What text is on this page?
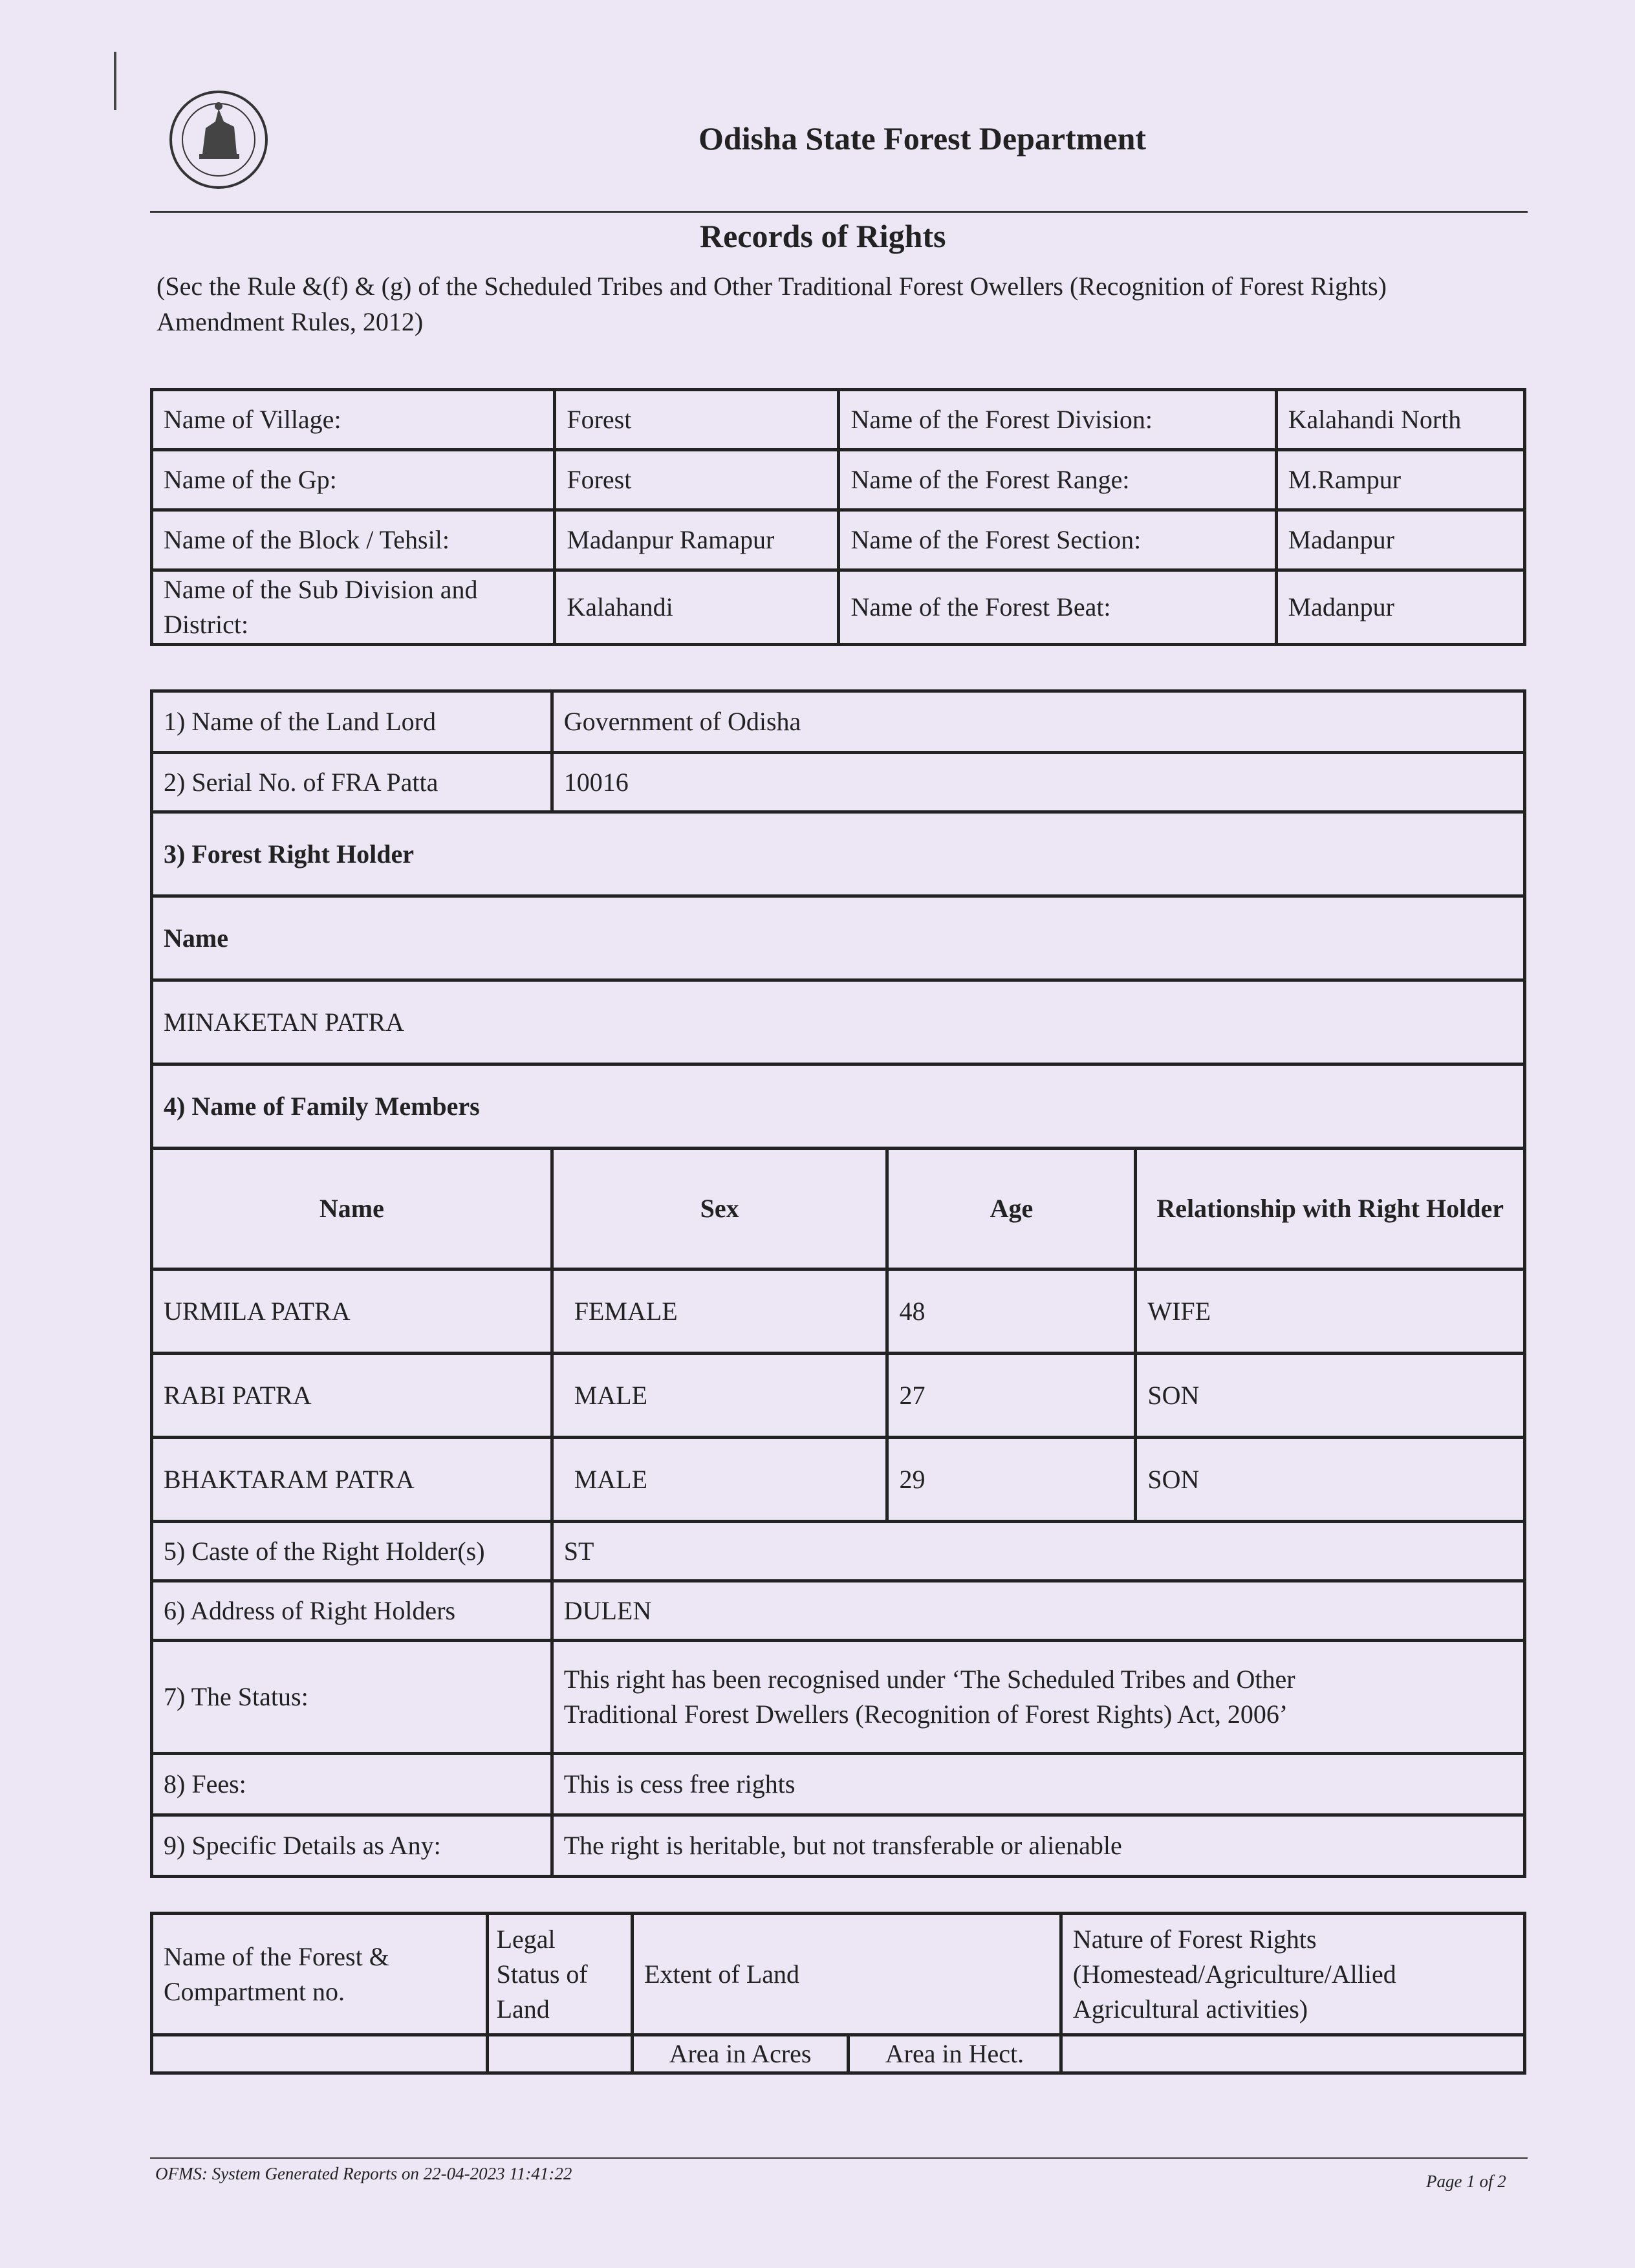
Odisha State Forest Department
Records of Rights
(Sec the Rule &(f) & (g) of the Scheduled Tribes and Other Traditional Forest Owellers (Recognition of Forest Rights) Amendment Rules, 2012)
Name of Village:	Forest	Name of the Forest Division:	Kalahandi North
Name of the Gp:	Forest	Name of the Forest Range:	M.Rampur
Name of the Block / Tehsil:	Madanpur Ramapur	Name of the Forest Section:	Madanpur
Name of the Sub Division and District:	Kalahandi	Name of the Forest Beat:	Madanpur
1) Name of the Land Lord	Government of Odisha		
2) Serial No. of FRA Patta	10016		
3) Forest Right Holder			
Name			
MINAKETAN PATRA			
4) Name of Family Members			
Name	Sex	Age	Relationship with Right Holder
URMILA PATRA	FEMALE	48	WIFE
RABI PATRA	MALE	27	SON
BHAKTARAM PATRA	MALE	29	SON
5) Caste of the Right Holder(s)	ST		
6) Address of Right Holders	DULEN		
7) The Status:	This right has been recognised under ‘The Scheduled Tribes and Other Traditional Forest Dwellers (Recognition of Forest Rights) Act, 2006’		
8) Fees:	This is cess free rights		
9) Specific Details as Any:	The right is heritable, but not transferable or alienable		
Name of the Forest & Compartment no.	Legal Status of Land	Extent of Land		Nature of Forest Rights (Homestead/Agriculture/Allied Agricultural activities)
		Area in Acres	Area in Hect.	
OFMS: System Generated Reports on 22-04-2023 11:41:22	Page 1 of 2
